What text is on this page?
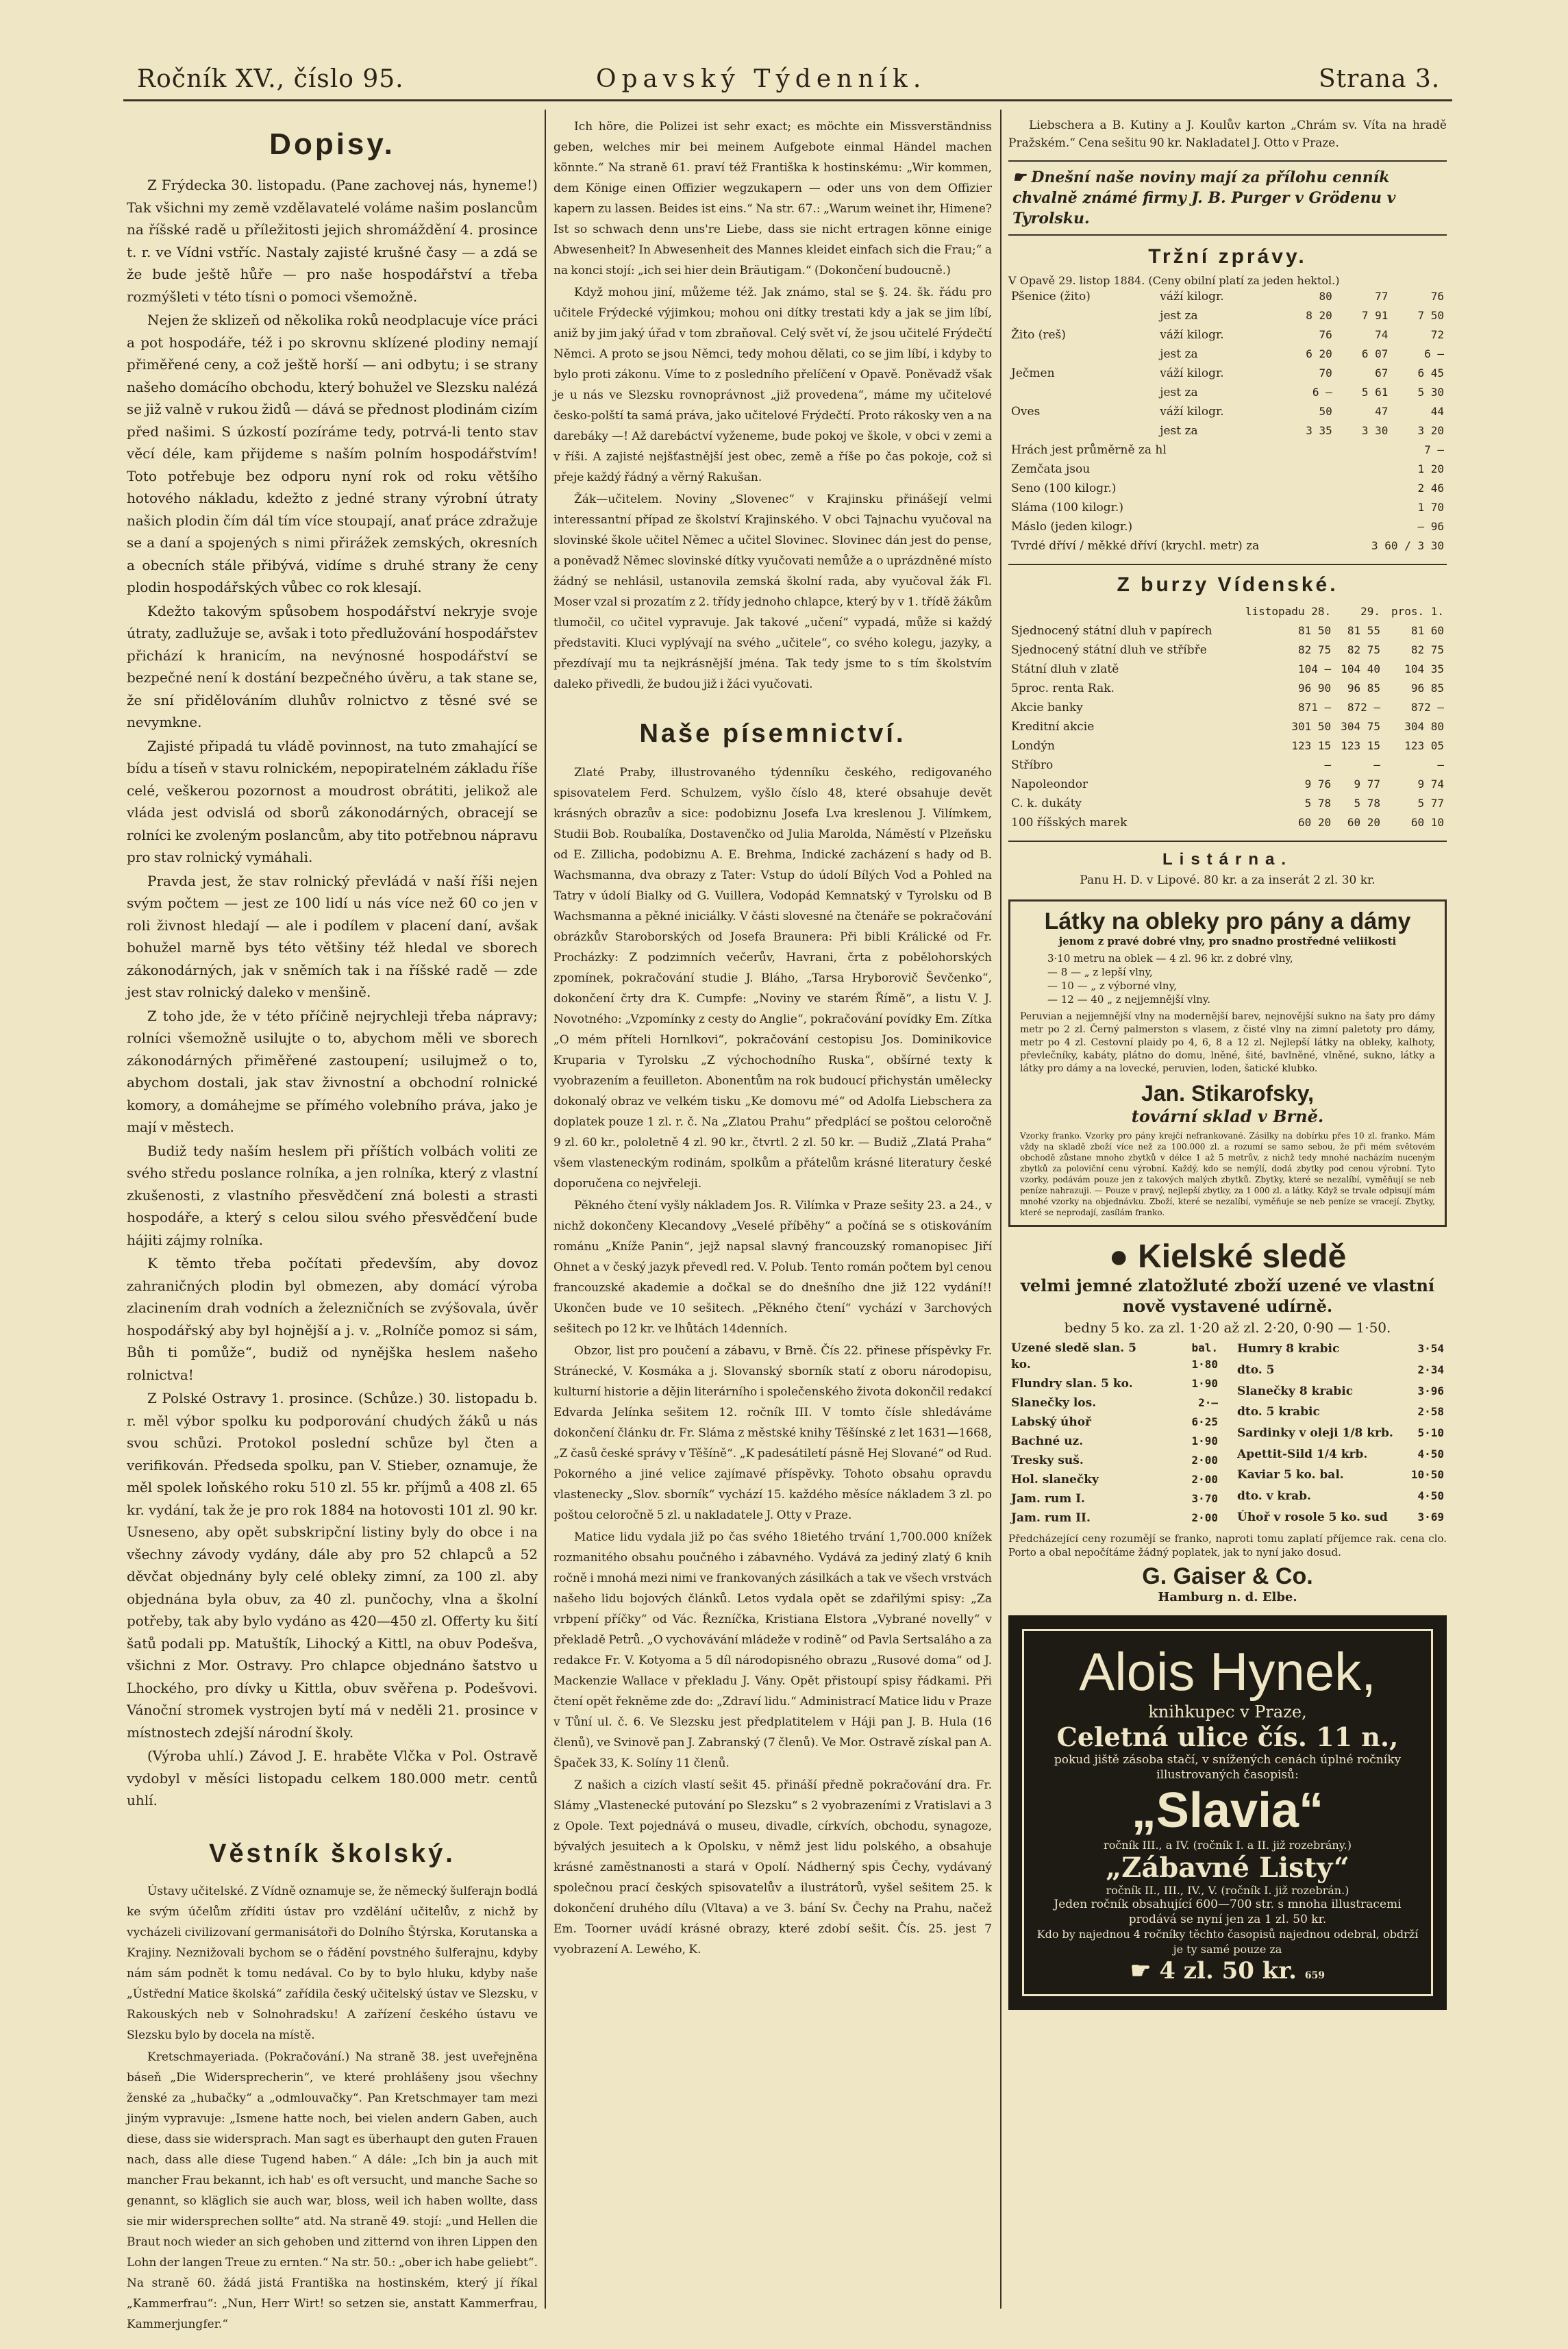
Ročník XV., číslo 95.	Opavský Týdenník.	Strana 3.
Dopisy.

Z Frýdecka 30. listopadu. (Pane zachovej nás, hyneme!) Tak všichni my země vzdělavatelé voláme našim poslancům na říšské radě u příležitosti jejich shromáždění 4. prosince t. r. ve Vídni vstříc. Nastaly zajisté krušné časy — a zdá se že bude ještě hůře — pro naše hospodářství a třeba rozmýšleti v této tísni o pomoci všemožně.

Nejen že sklizeň od několika roků neodplacuje více práci a pot hospodáře, též i po skrovnu sklízené plodiny nemají přiměřené ceny, a což ještě horší — ani odbytu; i se strany našeho domácího obchodu, který bohužel ve Slezsku nalézá se již valně v rukou židů — dává se přednost plodinám cizím před našimi. S úzkostí pozíráme tedy, potrvá-li tento stav věcí déle, kam přijdeme s naším polním hospodářstvím! Toto potřebuje bez odporu nyní rok od roku většího hotového nákladu, kdežto z jedné strany výrobní útraty našich plodin čím dál tím více stoupají, anať práce zdražuje se a daní a spojených s nimi přirážek zemských, okresních a obecních stále přibývá, vidíme s druhé strany že ceny plodin hospodářských vůbec co rok klesají.

Kdežto takovým spůsobem hospodářství nekryje svoje útraty, zadlužuje se, avšak i toto předlužování hospodářstev přichází k hranicím, na nevýnosné hospodářství se bezpečné není k dostání bezpečného úvěru, a tak stane se, že sní přidělováním dluhův rolnictvo z těsné své se nevymkne.

Zajisté připadá tu vládě povinnost, na tuto zmahající se bídu a tíseň v stavu rolnickém, nepopiratelném základu říše celé, veškerou pozornost a moudrost obrátiti, jelikož ale vláda jest odvislá od sborů zákonodárných, obracejí se rolníci ke zvoleným poslancům, aby tito potřebnou nápravu pro stav rolnický vymáhali.

Pravda jest, že stav rolnický převládá v naší říši nejen svým počtem — jest ze 100 lidí u nás více než 60 co jen v roli živnost hledají — ale i podílem v placení daní, avšak bohužel marně bys této většiny též hledal ve sborech zákonodárných, jak v sněmích tak i na říšské radě — zde jest stav rolnický daleko v menšině.

Z toho jde, že v této příčině nejrychleji třeba nápravy; rolníci všemožně usilujte o to, abychom měli ve sborech zákonodárných přiměřené zastoupení; usilujmež o to, abychom dostali, jak stav živnostní a obchodní rolnické komory, a domáhejme se přímého volebního práva, jako je mají v městech.

Budiž tedy naším heslem při příštích volbách voliti ze svého středu poslance rolníka, a jen rolníka, který z vlastní zkušenosti, z vlastního přesvědčení zná bolesti a strasti hospodáře, a který s celou silou svého přesvědčení bude hájiti zájmy rolníka.

K těmto třeba počítati především, aby dovoz zahraničných plodin byl obmezen, aby domácí výroba zlacinením drah vodních a železničních se zvýšovala, úvěr hospodářský aby byl hojnější a j. v. „Rolníče pomoz si sám, Bůh ti pomůže“, budiž od nynějška heslem našeho rolnictva!

Z Polské Ostravy 1. prosince. (Schůze.) 30. listopadu b. r. měl výbor spolku ku podporování chudých žáků u nás svou schůzi. Protokol poslední schůze byl čten a verifikován. Předseda spolku, pan V. Stieber, oznamuje, že měl spolek loňského roku 510 zl. 55 kr. příjmů a 408 zl. 65 kr. vydání, tak že je pro rok 1884 na hotovosti 101 zl. 90 kr. Usneseno, aby opět subskripční listiny byly do obce i na všechny závody vydány, dále aby pro 52 chlapců a 52 děvčat objednány byly celé obleky zimní, za 100 zl. aby objednána byla obuv, za 40 zl. punčochy, vlna a školní potřeby, tak aby bylo vydáno as 420—450 zl. Offerty ku šití šatů podali pp. Matuštík, Lihocký a Kittl, na obuv Podešva, všichni z Mor. Ostravy. Pro chlapce objednáno šatstvo u Lhockého, pro dívky u Kittla, obuv svěřena p. Podešvovi. Vánoční stromek vystrojen bytí má v neděli 21. prosince v místnostech zdejší národní školy.

(Výroba uhlí.) Závod J. E. hraběte Vlčka v Pol. Ostravě vydobyl v měsíci listopadu celkem 180.000 metr. centů uhlí.

Věstník školský.

Ústavy učitelské. Z Vídně oznamuje se, že německý šulferajn bodlá ke svým účelům zříditi ústav pro vzdělání učitelův, z nichž by vycházeli civilizovaní germanisátoři do Dolního Štýrska, Korutanska a Krajiny. Neznižovali bychom se o řádění povstného šulferajnu, kdyby nám sám podnět k tomu nedával. Co by to bylo hluku, kdyby naše „Ústřední Matice školská“ zařídila český učitelský ústav ve Slezsku, v Rakouských neb v Solnohradsku! A zařízení českého ústavu ve Slezsku bylo by docela na místě.

Kretschmayeriada. (Pokračování.) Na straně 38. jest uveřejněna báseň „Die Widersprecherin“, ve které prohlášeny jsou všechny ženské za „hubačky“ a „odmlouvačky“. Pan Kretschmayer tam mezi jiným vypravuje: „Ismene hatte noch, bei vielen andern Gaben, auch diese, dass sie widersprach. Man sagt es überhaupt den guten Frauen nach, dass alle diese Tugend haben.“ A dále: „Ich bin ja auch mit mancher Frau bekannt, ich hab' es oft versucht, und manche Sache so genannt, so kläglich sie auch war, bloss, weil ich haben wollte, dass sie mir widersprechen sollte“ atd. Na straně 49. stojí: „und Hellen die Braut noch wieder an sich gehoben und zitternd von ihren Lippen den Lohn der langen Treue zu ernten.“ Na str. 50.: „ober ich habe geliebt“. Na straně 60. žádá jistá Františka na hostinském, který jí říkal „Kammerfrau“: „Nun, Herr Wirt! so setzen sie, anstatt Kammerfrau, Kammerjungfer.“

Ich höre, die Polizei ist sehr exact; es möchte ein Missverständniss geben, welches mir bei meinem Aufgebote einmal Händel machen könnte.“ Na straně 61. praví též Františka k hostinskému: „Wir kommen, dem Könige einen Offizier wegzukapern — oder uns von dem Offizier kapern zu lassen. Beides ist eins.“ Na str. 67.: „Warum weinet ihr, Himene? Ist so schwach denn uns're Liebe, dass sie nicht ertragen könne einige Abwesenheit? In Abwesenheit des Mannes kleidet einfach sich die Frau;“ a na konci stojí: „ich sei hier dein Bräutigam.“ (Dokončení budoucně.)

Když mohou jiní, můžeme též. Jak známo, stal se §. 24. šk. řádu pro učitele Frýdecké výjimkou; mohou oni dítky trestati kdy a jak se jim líbí, aniž by jim jaký úřad v tom zbraňoval. Celý svět ví, že jsou učitelé Frýdečtí Němci. A proto se jsou Němci, tedy mohou dělati, co se jim líbí, i kdyby to bylo proti zákonu. Víme to z posledního přelíčení v Opavě. Poněvadž však je u nás ve Slezsku rovnoprávnost „již provedena“, máme my učitelové česko-polští ta samá práva, jako učitelové Frýdečtí. Proto rákosky ven a na darebáky —! Až darebáctví vyženeme, bude pokoj ve škole, v obci v zemi a v říši. A zajisté nejšťastnější jest obec, země a říše po čas pokoje, což si přeje každý řádný a věrný Rakušan.

Žák—učitelem. Noviny „Slovenec“ v Krajinsku přinášejí velmi interessantní případ ze školství Krajinského. V obci Tajnachu vyučoval na slovinské škole učitel Němec a učitel Slovinec. Slovinec dán jest do pense, a poněvadž Němec slovinské dítky vyučovati nemůže a o uprázdněné místo žádný se nehlásil, ustanovila zemská školní rada, aby vyučoval žák Fl. Moser vzal si prozatím z 2. třídy jednoho chlapce, který by v 1. třídě žákům tlumočil, co učitel vypravuje. Jak takové „učení“ vypadá, může si každý představiti. Kluci vyplývají na svého „učitele“, co svého kolegu, jazyky, a přezdívají mu ta nejkrásnější jména. Tak tedy jsme to s tím školstvím daleko přivedli, že budou již i žáci vyučovati.

Naše písemnictví.

Zlaté Praby, illustrovaného týdenníku českého, redigovaného spisovatelem Ferd. Schulzem, vyšlo číslo 48, které obsahuje devět krásných obrazův a sice: podobiznu Josefa Lva kreslenou J. Vilímkem, Studii Bob. Roubalíka, Dostavenčko od Julia Marolda, Náměstí v Plzeňsku od E. Zillicha, podobiznu A. E. Brehma, Indické zacházení s hady od B. Wachsmanna, dva obrazy z Tater: Vstup do údolí Bílých Vod a Pohled na Tatry v údolí Bialky od G. Vuillera, Vodopád Kemnatský v Tyrolsku od B Wachsmanna a pěkné iniciálky. V části slovesné na čtenáře se pokračování obrázkův Staroborských od Josefa Braunera: Při bibli Králické od Fr. Procházky: Z podzimních večerův, Havrani, črta z pobělohorských zpomínek, pokračování studie J. Bláho, „Tarsa Hryborovič Ševčenko“, dokončení črty dra K. Cumpfe: „Noviny ve starém Římě“, a listu V. J. Novotného: „Vzpomínky z cesty do Anglie“, pokračování povídky Em. Zítka „O mém příteli Hornlkovi“, pokračování cestopisu Jos. Dominikovice Kruparia v Tyrolsku „Z výchochodního Ruska“, obšírné texty k vyobrazením a feuilleton. Abonentům na rok budoucí přichystán umělecky dokonalý obraz ve velkém tisku „Ke domovu mé“ od Adolfa Liebschera za doplatek pouze 1 zl. r. č. Na „Zlatou Prahu“ předplácí se poštou celoročně 9 zl. 60 kr., pololetně 4 zl. 90 kr., čtvrtl. 2 zl. 50 kr. — Budiž „Zlatá Praha“ všem vlasteneckým rodinám, spolkům a přátelům krásné literatury české doporučena co nejvřeleji.

Pěkného čtení vyšly nákladem Jos. R. Vilímka v Praze sešity 23. a 24., v nichž dokončeny Klecandovy „Veselé příběhy“ a počíná se s otiskováním románu „Kníže Panin“, jejž napsal slavný francouzský romanopisec Jiří Ohnet a v český jazyk převedl red. V. Polub. Tento román počtem byl cenou francouzské akademie a dočkal se do dnešního dne již 122 vydání!! Ukončen bude ve 10 sešitech. „Pěkného čtení“ vychází v 3archových sešitech po 12 kr. ve lhůtách 14denních.

Obzor, list pro poučení a zábavu, v Brně. Čís 22. přinese příspěvky Fr. Stránecké, V. Kosmáka a j. Slovanský sborník statí z oboru národopisu, kulturní historie a dějin literárního i společenského života dokončil redakcí Edvarda Jelínka sešitem 12. ročník III. V tomto čísle shledáváme dokončení článku dr. Fr. Sláma z městské knihy Těšínské z let 1631—1668, „Z časů české správy v Těšíně“. „K padesátiletí pásně Hej Slované“ od Rud. Pokorného a jiné velice zajímavé příspěvky. Tohoto obsahu opravdu vlastenecky „Slov. sborník“ vychází 15. každého měsíce nákladem 3 zl. po poštou celoročně 5 zl. u nakladatele J. Otty v Praze.

Matice lidu vydala již po čas svého 18ietého trvání 1,700.000 knížek rozmanitého obsahu poučného i zábavného. Vydává za jediný zlatý 6 knih ročně i mnohá mezi nimi ve frankovaných zásilkách a tak ve všech vrstvách našeho lidu bojových článků. Letos vydala opět se zdařilými spisy: „Za vrbpení příčky“ od Vác. Řezníčka, Kristiana Elstora „Vybrané novelly“ v překladě Petrů. „O vychovávání mládeže v rodině“ od Pavla Sertsaláho a za redakce Fr. V. Kotyoma a 5 díl národopisného obrazu „Rusové doma“ od J. Mackenzie Wallace v překladu J. Vány. Opět přistoupí spisy řádkami. Při čtení opět řekněme zde do: „Zdraví lidu.“ Administrací Matice lidu v Praze v Tůní ul. č. 6. Ve Slezsku jest předplatitelem v Háji pan J. B. Hula (16 členů), ve Svinově pan J. Zabranský (7 členů). Ve Mor. Ostravě získal pan A. Špaček 33, K. Solíny 11 členů.

Z našich a cizích vlastí sešit 45. přináší předně pokračování dra. Fr. Slámy „Vlastenecké putování po Slezsku“ s 2 vyobrazeními z Vratislavi a 3 z Opole. Text pojednává o museu, divadle, církvích, obchodu, synagoze, bývalých jesuitech a k Opolsku, v němž jest lidu polského, a obsahuje krásné zaměstnanosti a stará v Opolí. Nádherný spis Čechy, vydávaný společnou prací českých spisovatelův a ilustrátorů, vyšel sešitem 25. k dokončení druhého dílu (Vltava) a ve 3. bání Sv. Čechy na Prahu, načež Em. Toorner uvádí krásné obrazy, které zdobí sešit. Čís. 25. jest 7 vyobrazení A. Lewého, K.

Liebschera a B. Kutiny a J. Koulův karton „Chrám sv. Víta na hradě Pražském.“ Cena sešitu 90 kr. Nakladatel J. Otto v Praze.

☛ Dnešní naše noviny mají za přílohu cenník chvalně známé firmy J. B. Purger v Grödenu v Tyrolsku.
Tržní zprávy.
V Opavě 29. listop 1884. (Ceny obilní platí za jeden hektol.)
Pšenice (žito)	váží kilogr.	80	77	76
	jest za	8 20	7 91	7 50
Žito (reš)	váží kilogr.	76	74	72
	jest za	6 20	6 07	6 —
Ječmen	váží kilogr.	70	67	6 45
	jest za	6 —	5 61	5 30
Oves	váží kilogr.	50	47	44
	jest za	3 35	3 30	3 20
Hrách jest průměrně za hl	7 —
Zemčata jsou	1 20
Seno (100 kilogr.)	2 46
Sláma (100 kilogr.)	1 70
Máslo (jeden kilogr.)	— 96
Tvrdé dříví / měkké dříví (krychl. metr) za	3 60 / 3 30
Z burzy Vídenské.
	listopadu 28.	29.	pros. 1.
Sjednocený státní dluh v papírech	81 50	81 55	81 60
Sjednocený státní dluh ve stříbře	82 75	82 75	82 75
Státní dluh v zlatě	104 —	104 40	104 35
5proc. renta Rak.	96 90	96 85	96 85
Akcie banky	871 —	872 —	872 —
Kreditní akcie	301 50	304 75	304 80
Londýn	123 15	123 15	123 05
Stříbro	—	—	—
Napoleondor	9 76	9 77	9 74
C. k. dukáty	5 78	5 78	5 77
100 říšských marek	60 20	60 20	60 10
Listárna.
Panu H. D. v Lipové. 80 kr. a za inserát 2 zl. 30 kr.
Látky na obleky pro pány a dámy
jenom z pravé dobré vlny, pro snadno prostředné veliikosti
3·10 metru na oblek — 4 zl. 96 kr. z dobré vlny,
— 8 — „ z lepší vlny,
— 10 — „ z výborné vlny,
— 12 — 40 „ z nejjemnější vlny.
Peruvian a nejjemnější vlny na modernější barev, nejnovější sukno na šaty pro dámy metr po 2 zl. Černý palmerston s vlasem, z čisté vlny na zimní paletoty pro dámy, metr po 4 zl. Cestovní plaidy po 4, 6, 8 a 12 zl. Nejlepší látky na obleky, kalhoty, převlečníky, kabáty, plátno do domu, lněné, šité, bavlněné, vlněné, sukno, látky a látky pro dámy a na lovecké, peruvien, loden, šatické klubko.
Jan. Stikarofsky,
tovární sklad v Brně.
Vzorky franko. Vzorky pro pány krejčí nefrankované. Zásilky na dobírku přes 10 zl. franko. Mám vždy na skladě zboží více než za 100.000 zl. a rozumí se samo sebou, že při mém světovém obchodě zůstane mnoho zbytků v délce 1 až 5 metrův, z nichž tedy mnohé nacházím nuceným zbytků za poloviční cenu výrobní. Každý, kdo se nemýlí, dodá zbytky pod cenou výrobní. Tyto vzorky, podávám pouze jen z takových malých zbytků. Zbytky, které se nezalíbí, vyměňují se neb peníze nahrazuji. — Pouze v pravý, nejlepší zbytky, za 1 000 zl. a látky. Když se trvale odpisují mám mnohé vzorky na objednávku. Zboží, které se nezalíbí, vyměňuje se neb peníze se vracejí. Zbytky, které se neprodají, zasílám franko.
● Kielské sledě
velmi jemné zlatožluté zboží uzené ve vlastní nově vystavené udírně.
bedny 5 ko. za zl. 1·20 až zl. 2·20, 0·90 — 1·50.
Uzené sledě slan. 5 ko.	bal. 1·80
Flundry slan. 5 ko.	1·90
Slanečky los.	2·—
Labský úhoř	6·25
Bachné uz.	1·90
Tresky suš.	2·00
Hol. slanečky	2·00
Jam. rum I.	3·70
Jam. rum II.	2·00
Humry 8 krabic	3·54
dto. 5	2·34
Slanečky 8 krabic	3·96
dto. 5 krabic	2·58
Sardinky v oleji 1/8 krb.	5·10
Apettit-Sild 1/4 krb.	4·50
Kaviar 5 ko. bal.	10·50
dto. v krab.	4·50
Úhoř v rosole 5 ko. sud	3·69
Předcházející ceny rozumějí se franko, naproti tomu zaplatí příjemce rak. cena clo. Porto a obal nepočítáme žádný poplatek, jak to nyní jako dosud.
G. Gaiser & Co.
Hamburg n. d. Elbe.
Alois Hynek,
knihkupec v Praze,
Celetná ulice čís. 11 n.,
pokud jiště zásoba stačí, v snížených cenách úplné ročníky illustrovaných časopisů:
„Slavia“
ročník III., a IV. (ročník I. a II. již rozebrány.)
„Zábavné Listy“
ročník II., III., IV., V. (ročník I. již rozebrán.)
Jeden ročník obsahující 600—700 str. s mnoha illustracemi prodává se nyní jen za 1 zl. 50 kr.
Kdo by najednou 4 ročníky těchto časopisů najednou odebral, obdrží je ty samé pouze za
☛ 4 zl. 50 kr. 659
